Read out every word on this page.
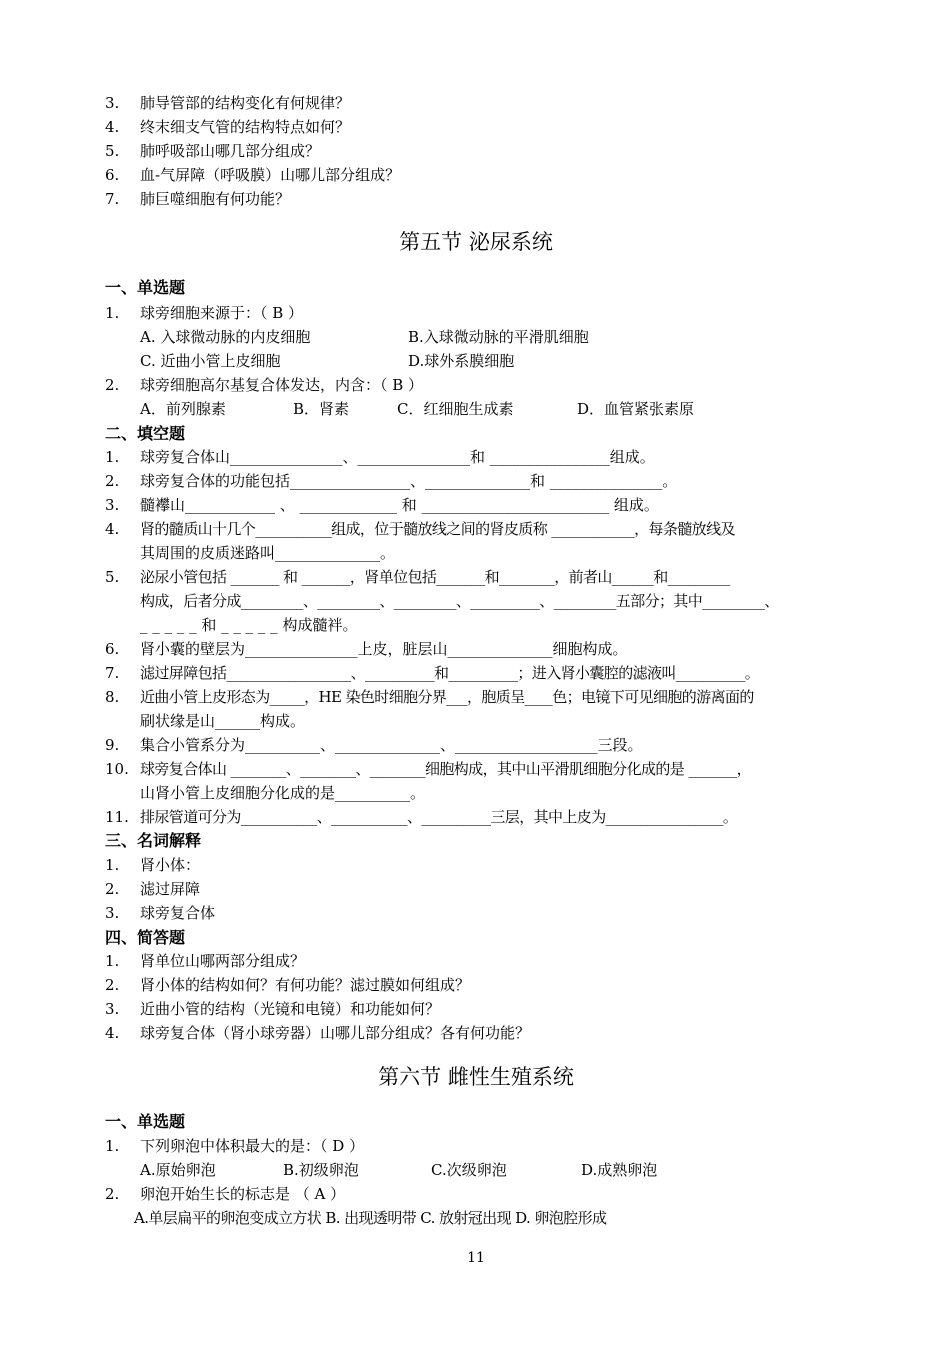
3.	肺导管部的结构变化有何规律？
4.	终末细支气管的结构特点如何？
5.	肺呼吸部山哪几部分组成？
6.	血-气屏障（呼吸膜）山哪儿部分组成？
7.	肺巨噬细胞有何功能？
第五节 泌尿系统
一、单选题
1.	球旁细胞来源于：（ B ）
A. 入球微动脉的内皮细胞	B.入球微动脉的平滑肌细胞
C. 近曲小管上皮细胞	D.球外系膜细胞
2.	球旁细胞高尔基复合体发达，内含：（ B ）
A．前列腺素	B．肾素	C．红细胞生成素	D．血管紧张素原
二、填空题
1.	球旁复合体山_______________、_______________和 ________________组成。
2.	球旁复合体的功能包括________________、______________和 _______________。
3.	髓襻山____________ 、 _____________ 和 _________________________ 组成。
4.	肾的髓质山十几个___________组成，位于髓放线之间的肾皮质称 ____________，每条髓放线及
其周围的皮质迷路叫______________。
5.	泌尿小管包括 _______ 和 _______，肾单位包括_______和________，前者山______和_________
构成，后者分成_________、_________、_________、__________、_________五部分；其中_________、
_ _ _ _ _ 和 _ _ _ _ _ 构成髓袢。
6.	肾小囊的壁层为_______________上皮，脏层山______________细胞构成。
7.	滤过屏障包括__________________、__________和__________；进入肾小囊腔的滤液叫__________。
8.	近曲小管上皮形态为_____，HE 染色时细胞分界___，胞质呈____色；电镜下可见细胞的游离面的
刷状缘是山______构成。
9.	集合小管系分为__________、______________、___________________三段。
10. 球旁复合体山 ________、________、________细胞构成，其中山平滑肌细胞分化成的是 _______，
山肾小管上皮细胞分化成的是__________。
11. 排尿管道可分为___________、___________、__________三层，其中上皮为_________________。
三、名词解释
1.	肾小体：
2.	滤过屏障
3.	球旁复合体
四、简答题
1.	肾单位山哪两部分组成？
2.	肾小体的结构如何？有何功能？滤过膜如何组成？
3.	近曲小管的结构（光镜和电镜）和功能如何？
4.	球旁复合体（肾小球旁器）山哪儿部分组成？各有何功能？
第六节 雌性生殖系统
一、单选题
1.	下列卵泡中体积最大的是：（ D ）
A.原始卵泡	B.初级卵泡	C.次级卵泡	D.成熟卵泡
2.	卵泡开始生长的标志是 （ A ）
A.单层扁平的卵泡变成立方状 B. 出现透明带 C. 放射冠出现 D. 卵泡腔形成
11
